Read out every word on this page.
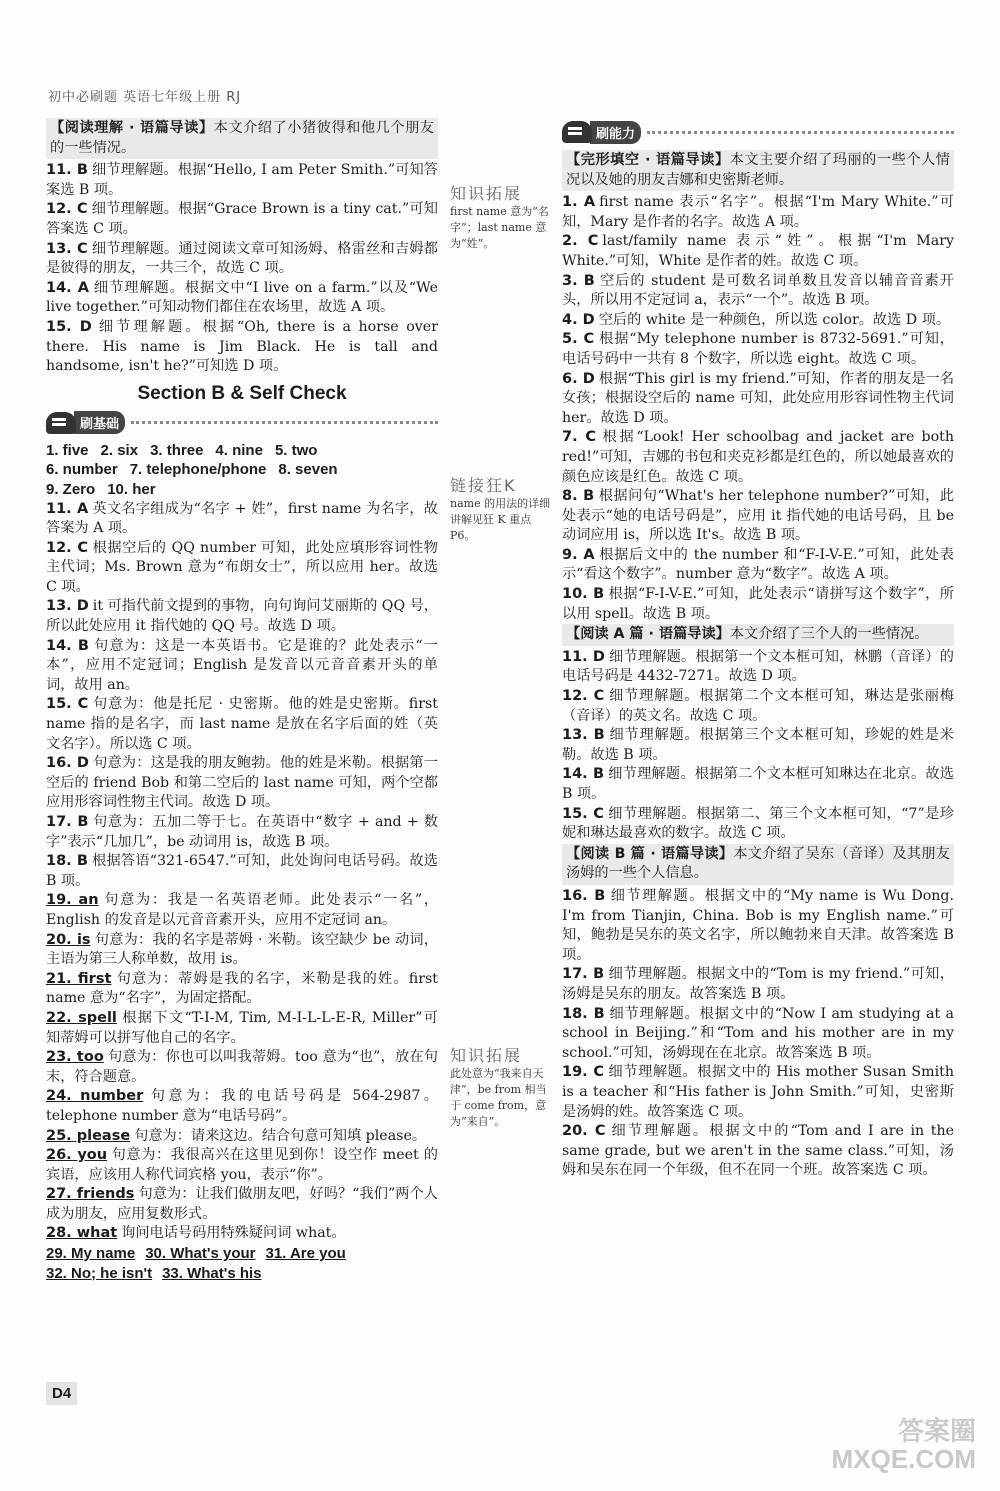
初中必刷题 英语七年级上册 RJ
【阅读理解 · 语篇导读】本文介绍了小猪彼得和他几个朋友的一些情况。

11. B 细节理解题。根据“Hello, I am Peter Smith.”可知答案选 B 项。

12. C 细节理解题。根据“Grace Brown is a tiny cat.”可知答案选 C 项。

13. C 细节理解题。通过阅读文章可知汤姆、格雷丝和吉姆都是彼得的朋友，一共三个，故选 C 项。

14. A 细节理解题。根据文中“I live on a farm.”以及“We live together.”可知动物们都住在农场里，故选 A 项。

15. D 细节理解题。根据“Oh, there is a horse over there. His name is Jim Black. He is tall and handsome, isn't he?”可知选 D 项。

Section B & Self Check
刷基础
1. five 2. six 3. three 4. nine 5. two
6. number 7. telephone/phone 8. seven
9. Zero 10. her

11. A 英文名字组成为“名字 + 姓”，first name 为名字，故答案为 A 项。

12. C 根据空后的 QQ number 可知，此处应填形容词性物主代词；Ms. Brown 意为“布朗女士”，所以应用 her。故选 C 项。

13. D it 可指代前文提到的事物，向句询问艾丽斯的 QQ 号，所以此处应用 it 指代她的 QQ 号。故选 D 项。

14. B 句意为：这是一本英语书。它是谁的？此处表示“一本”，应用不定冠词；English 是发音以元音音素开头的单词，故用 an。

15. C 句意为：他是托尼 · 史密斯。他的姓是史密斯。first name 指的是名字，而 last name 是放在名字后面的姓（英文名字）。所以选 C 项。

16. D 句意为：这是我的朋友鲍勃。他的姓是米勒。根据第一空后的 friend Bob 和第二空后的 last name 可知，两个空都应用形容词性物主代词。故选 D 项。

17. B 句意为：五加二等于七。在英语中“数字 + and + 数字”表示“几加几”，be 动词用 is，故选 B 项。

18. B 根据答语“321-6547.”可知，此处询问电话号码。故选 B 项。

19. an 句意为：我是一名英语老师。此处表示“一名”，English 的发音是以元音音素开头，应用不定冠词 an。

20. is 句意为：我的名字是蒂姆 · 米勒。该空缺少 be 动词，主语为第三人称单数，故用 is。

21. first 句意为：蒂姆是我的名字，米勒是我的姓。first name 意为“名字”，为固定搭配。

22. spell 根据下文“T-I-M, Tim, M-I-L-L-E-R, Miller”可知蒂姆可以拼写他自己的名字。

23. too 句意为：你也可以叫我蒂姆。too 意为“也”，放在句末，符合题意。

24. number 句意为：我的电话号码是 564-2987。telephone number 意为“电话号码”。

25. please 句意为：请来这边。结合句意可知填 please。

26. you 句意为：我很高兴在这里见到你！设空作 meet 的宾语，应该用人称代词宾格 you，表示“你”。

27. friends 句意为：让我们做朋友吧，好吗？“我们”两个人成为朋友，应用复数形式。

28. what 询问电话号码用特殊疑问词 what。

29. My name 30. What's your 31. Are you
32. No; he isn't 33. What's his
知识拓展
first name 意为“名字”；last name 意为“姓”。
链接狂K
name 的用法的详细讲解见狂 K 重点 P6。
知识拓展
此处意为“我来自天津”，be from 相当于 come from，意为“来自”。
刷能力
【完形填空 · 语篇导读】本文主要介绍了玛丽的一些个人情况以及她的朋友吉娜和史密斯老师。

1. A first name 表示“名字”。根据“I'm Mary White.”可知，Mary 是作者的名字。故选 A 项。

2. C last/family name 表示“姓”。根据“I'm Mary White.”可知，White 是作者的姓。故选 C 项。

3. B 空后的 student 是可数名词单数且发音以辅音音素开头，所以用不定冠词 a，表示“一个”。故选 B 项。

4. D 空后的 white 是一种颜色，所以选 color。故选 D 项。

5. C 根据“My telephone number is 8732-5691.”可知，电话号码中一共有 8 个数字，所以选 eight。故选 C 项。

6. D 根据“This girl is my friend.”可知，作者的朋友是一名女孩；根据设空后的 name 可知，此处应用形容词性物主代词 her。故选 D 项。

7. C 根据“Look! Her schoolbag and jacket are both red!”可知，吉娜的书包和夹克衫都是红色的，所以她最喜欢的颜色应该是红色。故选 C 项。

8. B 根据问句“What's her telephone number?”可知，此处表示“她的电话号码是”，应用 it 指代她的电话号码，且 be 动词应用 is，所以选 It's。故选 B 项。

9. A 根据后文中的 the number 和“F-I-V-E.”可知，此处表示“看这个数字”。number 意为“数字”。故选 A 项。

10. B 根据“F-I-V-E.”可知，此处表示“请拼写这个数字”，所以用 spell。故选 B 项。

【阅读 A 篇 · 语篇导读】本文介绍了三个人的一些情况。

11. D 细节理解题。根据第一个文本框可知，林鹏（音译）的电话号码是 4432-7271。故选 D 项。

12. C 细节理解题。根据第二个文本框可知，琳达是张丽梅（音译）的英文名。故选 C 项。

13. B 细节理解题。根据第三个文本框可知，珍妮的姓是米勒。故选 B 项。

14. B 细节理解题。根据第二个文本框可知琳达在北京。故选 B 项。

15. C 细节理解题。根据第二、第三个文本框可知，“7”是珍妮和琳达最喜欢的数字。故选 C 项。

【阅读 B 篇 · 语篇导读】本文介绍了吴东（音译）及其朋友汤姆的一些个人信息。

16. B 细节理解题。根据文中的“My name is Wu Dong. I'm from Tianjin, China. Bob is my English name.”可知，鲍勃是吴东的英文名字，所以鲍勃来自天津。故答案选 B 项。

17. B 细节理解题。根据文中的“Tom is my friend.”可知，汤姆是吴东的朋友。故答案选 B 项。

18. B 细节理解题。根据文中的“Now I am studying at a school in Beijing.”和“Tom and his mother are in my school.”可知，汤姆现在在北京。故答案选 B 项。

19. C 细节理解题。根据文中的 His mother Susan Smith is a teacher 和“His father is John Smith.”可知，史密斯是汤姆的姓。故答案选 C 项。

20. C 细节理解题。根据文中的“Tom and I are in the same grade, but we aren't in the same class.”可知，汤姆和吴东在同一个年级，但不在同一个班。故答案选 C 项。

D4
答案圈
MXQE.COM
